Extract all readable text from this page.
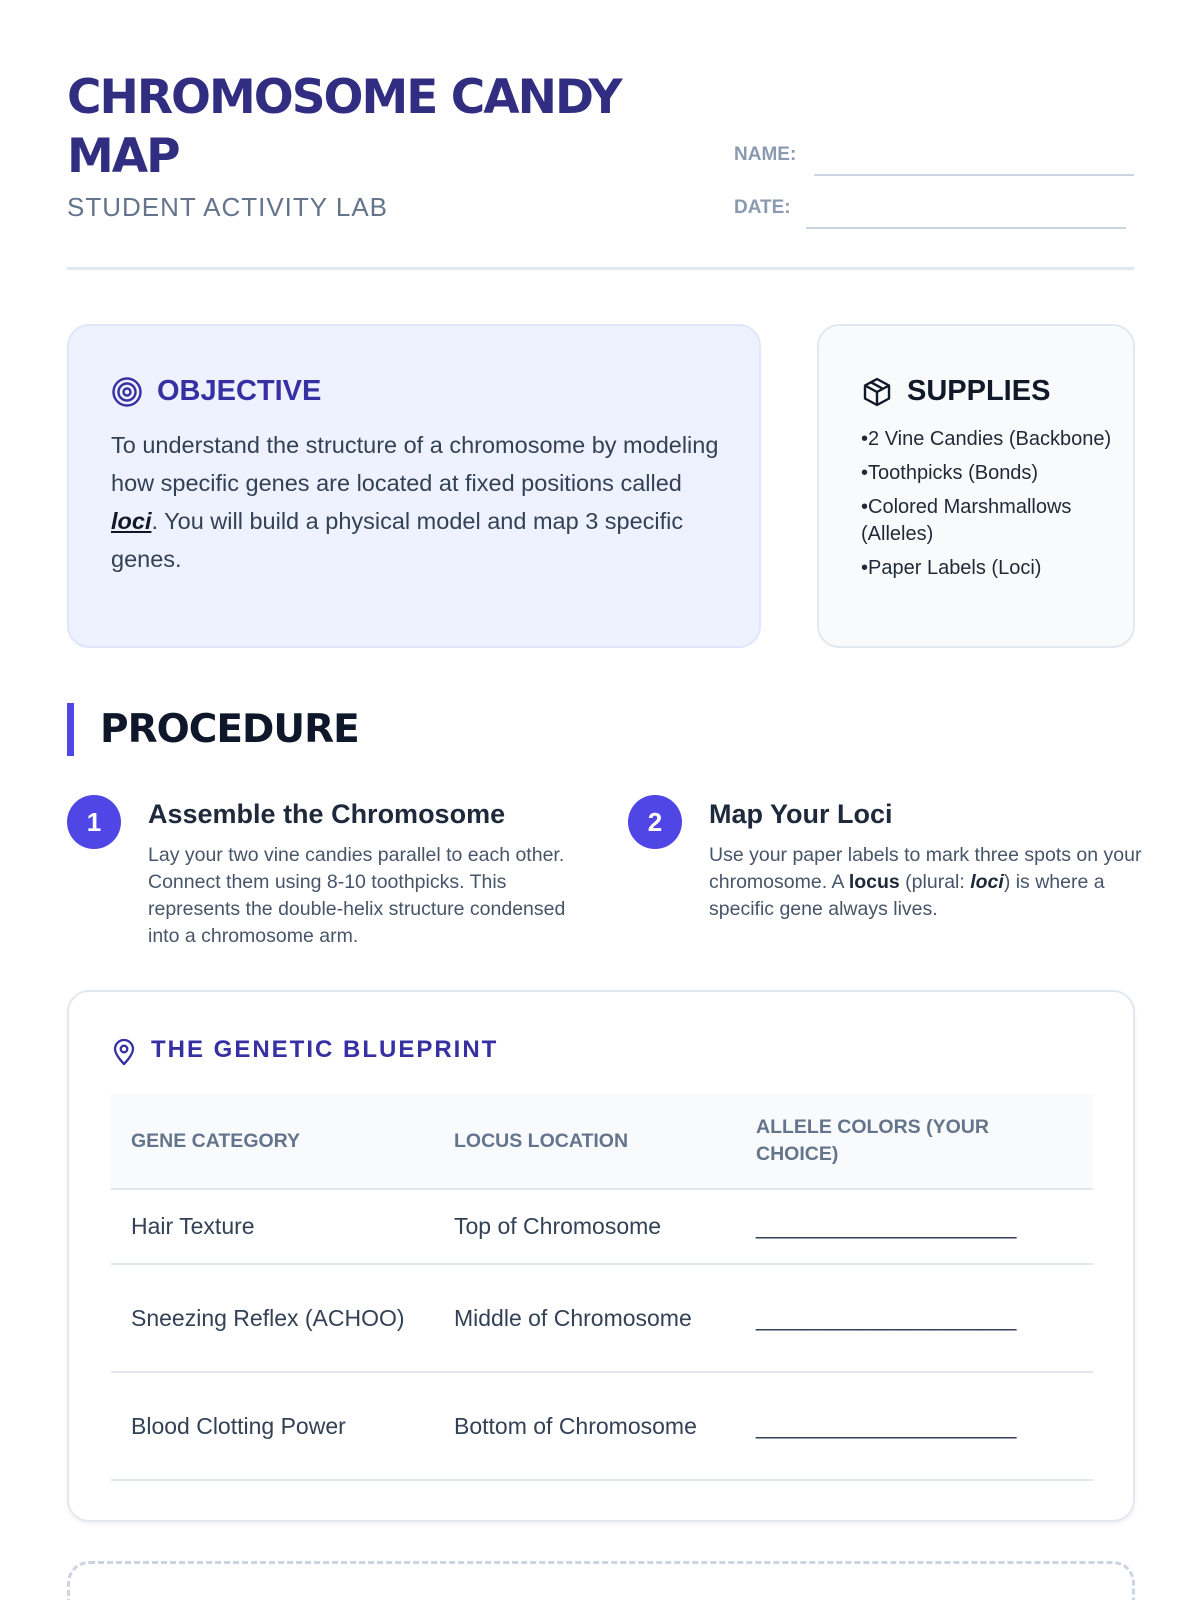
CHROMOSOME CANDY MAP
STUDENT ACTIVITY LAB
NAME:
DATE:
OBJECTIVE

To understand the structure of a chromosome by modeling how specific genes are located at fixed positions called loci. You will build a physical model and map 3 specific genes.

SUPPLIES
• 2 Vine Candies (Backbone)
• Toothpicks (Bonds)
• Colored Marshmallows (Alleles)
• Paper Labels (Loci)
PROCEDURE
1	Assemble the Chromosome
Lay your two vine candies parallel to each other. Connect them using 8-10 toothpicks. This represents the double-helix structure condensed into a chromosome arm.
2	Map Your Loci
Use your paper labels to mark three spots on your chromosome. A locus (plural: loci) is where a specific gene always lives.
THE GENETIC BLUEPRINT
GENE CATEGORY	LOCUS LOCATION	ALLELE COLORS (YOUR CHOICE)
Hair Texture	Top of Chromosome	______________________
Sneezing Reflex (ACHOO)	Middle of Chromosome	______________________
Blood Clotting Power	Bottom of Chromosome	______________________
